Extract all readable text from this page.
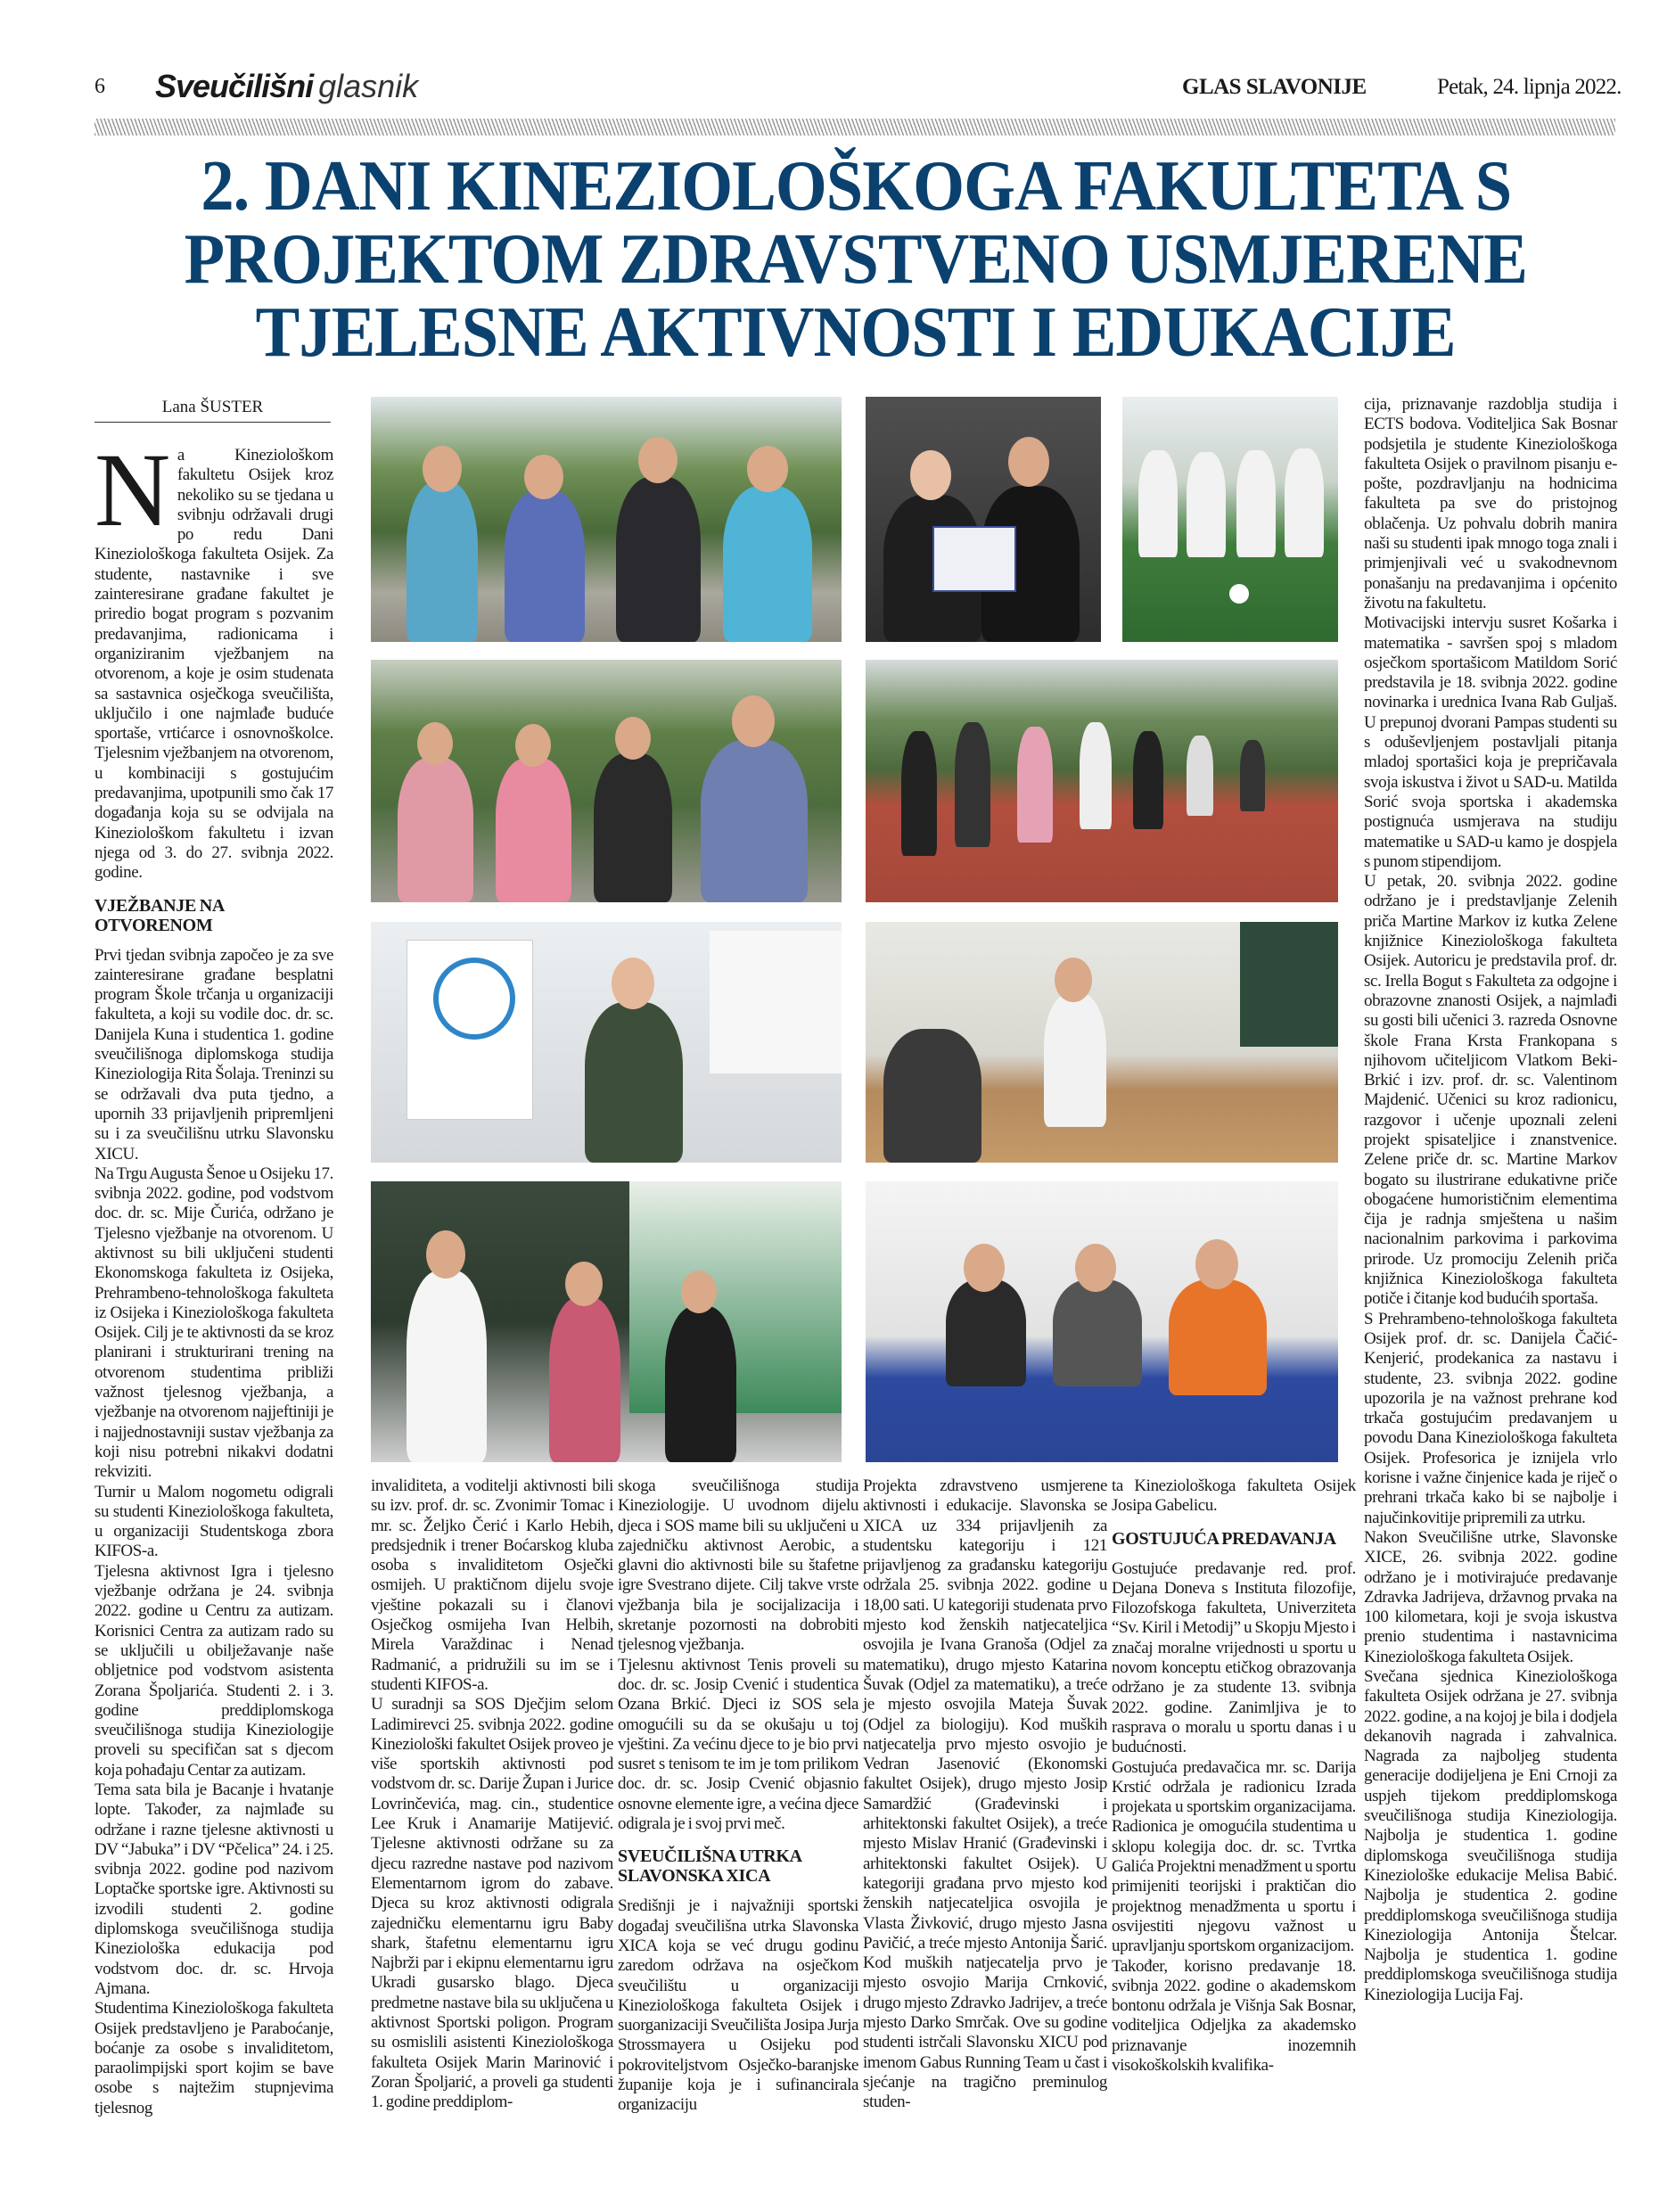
6 Sveučilišni glasnik	GLAS SLAVONIJE	Petak, 24. lipnja 2022.
2. DANI KINEZIOLOŠKOGA FAKULTETA S
PROJEKTOM ZDRAVSTVENO USMJERENE
TJELESNE AKTIVNOSTI I EDUKACIJE
Lana ŠUSTER

Na Kineziološkom fakultetu Osijek kroz nekoliko su se tjedana u svibnju održavali drugi po redu Dani Kineziološkoga fakulteta Osijek. Za studente, nastavnike i sve zainteresirane građane fakultet je priredio bogat program s pozvanim predavanjima, radionicama i organiziranim vježbanjem na otvorenom, a koje je osim studenata sa sastavnica osječkoga sveučilišta, uključilo i one najmlađe buduće sportaše, vrtićarce i osnovnoškolce. Tjelesnim vježbanjem na otvorenom, u kombinaciji s gostujućim predavanjima, upotpunili smo čak 17 događanja koja su se odvijala na Kineziološkom fakultetu i izvan njega od 3. do 27. svibnja 2022. godine.

VJEŽBANJE NA OTVORENOM

Prvi tjedan svibnja započeo je za sve zainteresirane građane besplatni program Škole trčanja u organizaciji fakulteta, a koji su vodile doc. dr. sc. Danijela Kuna i studentica 1. godine sveučilišnoga diplomskoga studija Kineziologija Rita Šolaja. Treninzi su se održavali dva puta tjedno, a upornih 33 prijavljenih pripremljeni su i za sveučilišnu utrku Slavonsku XICU.

Na Trgu Augusta Šenoe u Osijeku 17. svibnja 2022. godine, pod vodstvom doc. dr. sc. Mije Čurića, održano je Tjelesno vježbanje na otvorenom. U aktivnost su bili uključeni studenti Ekonomskoga fakulteta iz Osijeka, Prehrambeno-tehnološkoga fakulteta iz Osijeka i Kineziološkoga fakulteta Osijek. Cilj je te aktivnosti da se kroz planirani i strukturirani trening na otvorenom studentima približi važnost tjelesnog vježbanja, a vježbanje na otvorenom najjeftiniji je i najjednostavniji sustav vježbanja za koji nisu potrebni nikakvi dodatni rekviziti.

Turnir u Malom nogometu odigrali su studenti Kineziološkoga fakulteta, u organizaciji Studentskoga zbora KIFOS-a.

Tjelesna aktivnost Igra i tjelesno vježbanje održana je 24. svibnja 2022. godine u Centru za autizam. Korisnici Centra za autizam rado su se uključili u obilježavanje naše obljetnice pod vodstvom asistenta Zorana Špoljarića. Studenti 2. i 3. godine preddiplomskoga sveučilišnoga studija Kineziologije proveli su specifičan sat s djecom koja pohađaju Centar za autizam.

Tema sata bila je Bacanje i hvatanje lopte. Također, za najmlađe su održane i razne tjelesne aktivnosti u DV “Jabuka” i DV “Pčelica” 24. i 25. svibnja 2022. godine pod nazivom Loptačke sportske igre. Aktivnosti su izvodili studenti 2. godine diplomskoga sveučilišnoga studija Kineziološka edukacija pod vodstvom doc. dr. sc. Hrvoja Ajmana.

Studentima Kineziološkoga fakulteta Osijek predstavljeno je Paraboćanje, boćanje za osobe s invaliditetom, paraolimpijski sport kojim se bave osobe s najtežim stupnjevima tjelesnog

invaliditeta, a voditelji aktivnosti bili su izv. prof. dr. sc. Zvonimir Tomac i mr. sc. Željko Čerić i Karlo Hebih, predsjednik i trener Boćarskog kluba osoba s invaliditetom Osječki osmijeh. U praktičnom dijelu svoje vještine pokazali su i članovi Osječkog osmijeha Ivan Helbih, Mirela Varaždinac i Nenad Radmanić, a pridružili su im se i studenti KIFOS-a.

U suradnji sa SOS Dječjim selom Ladimirevci 25. svibnja 2022. godine Kineziološki fakultet Osijek proveo je više sportskih aktivnosti pod vodstvom dr. sc. Darije Župan i Jurice Lovrinčevića, mag. cin., studentice Lee Kruk i Anamarije Matijević. Tjelesne aktivnosti održane su za djecu razredne nastave pod nazivom Elementarnom igrom do zabave. Djeca su kroz aktivnosti odigrala zajedničku elementarnu igru Baby shark, štafetnu elementarnu igru Najbrži par i ekipnu elementarnu igru Ukradi gusarsko blago. Djeca predmetne nastave bila su uključena u aktivnost Sportski poligon. Program su osmislili asistenti Kineziološkoga fakulteta Osijek Marin Marinović i Zoran Špoljarić, a proveli ga studenti 1. godine preddiplom-

skoga sveučilišnoga studija Kineziologije. U uvodnom dijelu djeca i SOS mame bili su uključeni u zajedničku aktivnost Aerobic, a glavni dio aktivnosti bile su štafetne igre Svestrano dijete. Cilj takve vrste vježbanja bila je socijalizacija i skretanje pozornosti na dobrobiti tjelesnog vježbanja.

Tjelesnu aktivnost Tenis proveli su doc. dr. sc. Josip Cvenić i studentica Ozana Brkić. Djeci iz SOS sela omogućili su da se okušaju u toj vještini. Za većinu djece to je bio prvi susret s tenisom te im je tom prilikom doc. dr. sc. Josip Cvenić objasnio osnovne elemente igre, a većina djece odigrala je i svoj prvi meč.

SVEUČILIŠNA UTRKA SLAVONSKA XICA

Središnji je i najvažniji sportski događaj sveučilišna utrka Slavonska XICA koja se već drugu godinu zaredom održava na osječkom sveučilištu u organizaciji Kineziološkoga fakulteta Osijek i suorganizaciji Sveučilišta Josipa Jurja Strossmayera u Osijeku pod pokroviteljstvom Osječko-baranjske županije koja je i sufinancirala organizaciju

Projekta zdravstveno usmjerene aktivnosti i edukacije. Slavonska se XICA uz 334 prijavljenih za studentsku kategoriju i 121 prijavljenog za građansku kategoriju održala 25. svibnja 2022. godine u 18,00 sati. U kategoriji studenata prvo mjesto kod ženskih natjecateljica osvojila je Ivana Granoša (Odjel za matematiku), drugo mjesto Katarina Šuvak (Odjel za matematiku), a treće je mjesto osvojila Mateja Šuvak (Odjel za biologiju). Kod muških natjecatelja prvo mjesto osvojio je Vedran Jasenović (Ekonomski fakultet Osijek), drugo mjesto Josip Samardžić (Građevinski i arhitektonski fakultet Osijek), a treće mjesto Mislav Hranić (Građevinski i arhitektonski fakultet Osijek). U kategoriji građana prvo mjesto kod ženskih natjecateljica osvojila je Vlasta Živković, drugo mjesto Jasna Pavičić, a treće mjesto Antonija Šarić. Kod muških natjecatelja prvo je mjesto osvojio Marija Crnković, drugo mjesto Zdravko Jadrijev, a treće mjesto Darko Smrčak. Ove su godine studenti istrčali Slavonsku XICU pod imenom Gabus Running Team u čast i sjećanje na tragično preminulog studen-

ta Kineziološkoga fakulteta Osijek Josipa Gabelicu.

GOSTUJUĆA PREDAVANJA

Gostujuće predavanje red. prof. Dejana Doneva s Instituta filozofije, Filozofskoga fakulteta, Univerziteta “Sv. Kiril i Metodij” u Skopju Mjesto i značaj moralne vrijednosti u sportu u novom konceptu etičkog obrazovanja održano je za studente 13. svibnja 2022. godine. Zanimljiva je to rasprava o moralu u sportu danas i u budućnosti.

Gostujuća predavačica mr. sc. Darija Krstić održala je radionicu Izrada projekata u sportskim organizacijama. Radionica je omogućila studentima u sklopu kolegija doc. dr. sc. Tvrtka Galića Projektni menadžment u sportu primijeniti teorijski i praktičan dio projektnog menadžmenta u sportu i osvijestiti njegovu važnost u upravljanju sportskom organizacijom.

Također, korisno predavanje 18. svibnja 2022. godine o akademskom bontonu održala je Višnja Sak Bosnar, voditeljica Odjeljka za akademsko priznavanje inozemnih visokoškolskih kvalifika-

cija, priznavanje razdoblja studija i ECTS bodova. Voditeljica Sak Bosnar podsjetila je studente Kineziološkoga fakulteta Osijek o pravilnom pisanju e-pošte, pozdravljanju na hodnicima fakulteta pa sve do pristojnog oblačenja. Uz pohvalu dobrih manira naši su studenti ipak mnogo toga znali i primjenjivali već u svakodnevnom ponašanju na predavanjima i općenito životu na fakultetu.

Motivacijski intervju susret Košarka i matematika - savršen spoj s mladom osječkom sportašicom Matildom Sorić predstavila je 18. svibnja 2022. godine novinarka i urednica Ivana Rab Guljaš. U prepunoj dvorani Pampas studenti su s oduševljenjem postavljali pitanja mladoj sportašici koja je prepričavala svoja iskustva i život u SAD-u. Matilda Sorić svoja sportska i akademska postignuća usmjerava na studiju matematike u SAD-u kamo je dospjela s punom stipendijom.

U petak, 20. svibnja 2022. godine održano je i predstavljanje Zelenih priča Martine Markov iz kutka Zelene knjižnice Kineziološkoga fakulteta Osijek. Autoricu je predstavila prof. dr. sc. Irella Bogut s Fakulteta za odgojne i obrazovne znanosti Osijek, a najmlađi su gosti bili učenici 3. razreda Osnovne škole Frana Krsta Frankopana s njihovom učiteljicom Vlatkom Beki-Brkić i izv. prof. dr. sc. Valentinom Majdenić. Učenici su kroz radionicu, razgovor i učenje upoznali zeleni projekt spisateljice i znanstvenice. Zelene priče dr. sc. Martine Markov bogato su ilustrirane edukativne priče obogaćene humorističnim elementima čija je radnja smještena u našim nacionalnim parkovima i parkovima prirode. Uz promociju Zelenih priča knjižnica Kineziološkoga fakulteta potiče i čitanje kod budućih sportaša.

S Prehrambeno-tehnološkoga fakulteta Osijek prof. dr. sc. Danijela Čačić-Kenjerić, prodekanica za nastavu i studente, 23. svibnja 2022. godine upozorila je na važnost prehrane kod trkača gostujućim predavanjem u povodu Dana Kineziološkoga fakulteta Osijek. Profesorica je iznijela vrlo korisne i važne činjenice kada je riječ o prehrani trkača kako bi se najbolje i najučinkovitije pripremili za utrku.

Nakon Sveučilišne utrke, Slavonske XICE, 26. svibnja 2022. godine održano je i motivirajuće predavanje Zdravka Jadrijeva, državnog prvaka na 100 kilometara, koji je svoja iskustva prenio studentima i nastavnicima Kineziološkoga fakulteta Osijek.

Svečana sjednica Kineziološkoga fakulteta Osijek održana je 27. svibnja 2022. godine, a na kojoj je bila i dodjela dekanovih nagrada i zahvalnica. Nagrada za najboljeg studenta generacije dodijeljena je Eni Crnoji za uspjeh tijekom preddiplomskoga sveučilišnoga studija Kineziologija. Najbolja je studentica 1. godine diplomskoga sveučilišnoga studija Kineziološke edukacije Melisa Babić. Najbolja je studentica 2. godine preddiplomskoga sveučilišnoga studija Kineziologija Antonija Štelcar. Najbolja je studentica 1. godine preddiplomskoga sveučilišnoga studija Kineziologija Lucija Faj.
